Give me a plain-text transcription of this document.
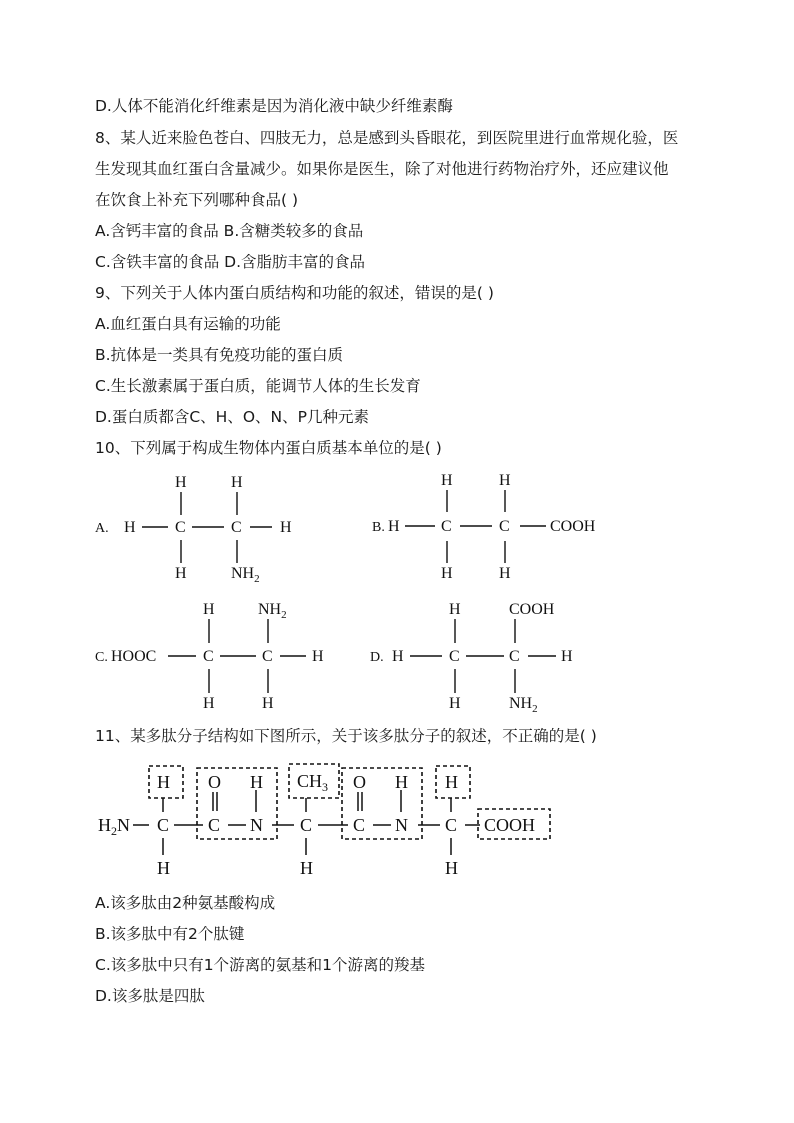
D.人体不能消化纤维素是因为消化液中缺少纤维素酶
8、某人近来脸色苍白、四肢无力，总是感到头昏眼花，到医院里进行血常规化验，医
生发现其血红蛋白含量减少。如果你是医生，除了对他进行药物治疗外，还应建议他
在饮食上补充下列哪种食品( )
A.含钙丰富的食品 B.含糖类较多的食品
C.含铁丰富的食品 D.含脂肪丰富的食品
9、下列关于人体内蛋白质结构和功能的叙述，错误的是( )
A.血红蛋白具有运输的功能
B.抗体是一类具有免疫功能的蛋白质
C.生长激素属于蛋白质，能调节人体的生长发育
D.蛋白质都含C、H、O、N、P几种元素
10、下列属于构成生物体内蛋白质基本单位的是( )
A. H
H
C
H
H
C
$NH_2$
H	B. H
H
C
H
H
C
H
COOH
C. HOOC
H
C
H
$NH_2$
C
H
H	D. H
H
C
H
COOH
C
$NH_2$
H
11、某多肽分子结构如下图所示，关于该多肽分子的叙述，不正确的是( )
$H_2N$
H
C
H
O
C
H
N
$CH_3$
C
H
O
C
H
N
H
C
H
COOH
A.该多肽由2种氨基酸构成
B.该多肽中有2个肽键
C.该多肽中只有1个游离的氨基和1个游离的羧基
D.该多肽是四肽
